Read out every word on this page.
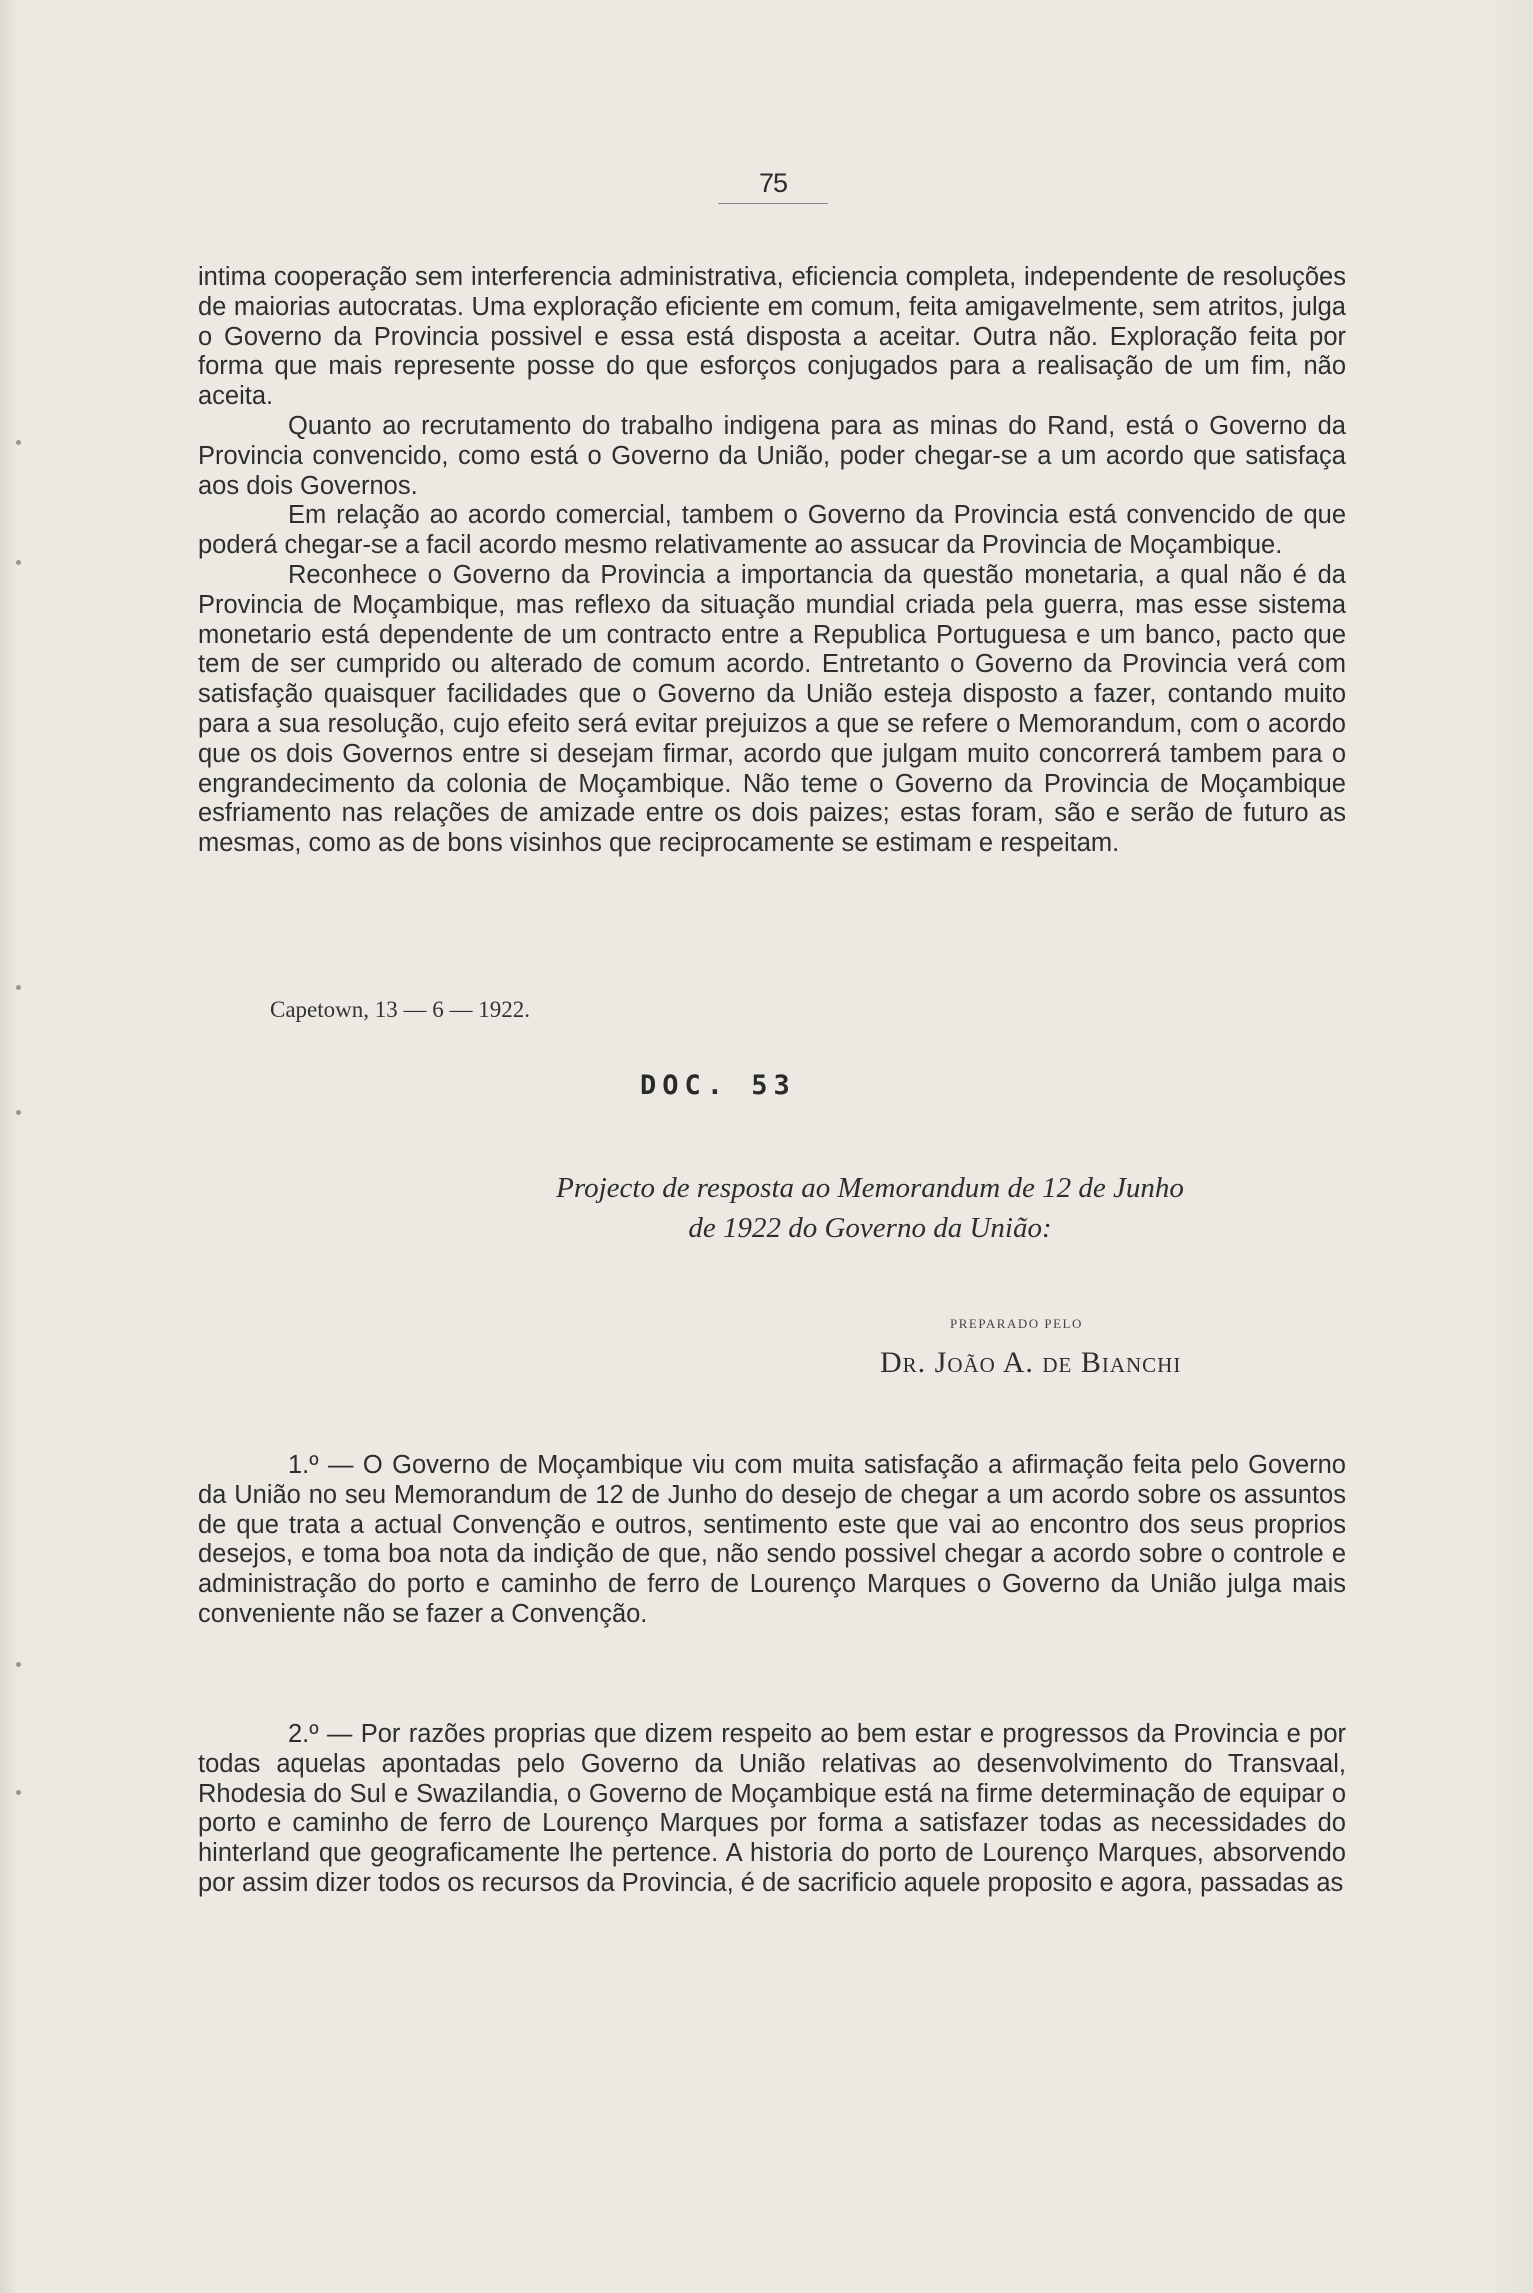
75

intima cooperação sem interferencia administrativa, eficiencia completa, independente de resoluções de maiorias autocratas. Uma exploração eficiente em comum, feita amigavelmente, sem atritos, julga o Governo da Provincia possivel e essa está disposta a aceitar. Outra não. Exploração feita por forma que mais represente posse do que esforços conjugados para a realisação de um fim, não aceita.

Quanto ao recrutamento do trabalho indigena para as minas do Rand, está o Governo da Provincia convencido, como está o Governo da União, poder chegar-se a um acordo que satisfaça aos dois Governos.

Em relação ao acordo comercial, tambem o Governo da Provincia está convencido de que poderá chegar-se a facil acordo mesmo relativamente ao assucar da Provincia de Moçambique.

Reconhece o Governo da Provincia a importancia da questão monetaria, a qual não é da Provincia de Moçambique, mas reflexo da situação mundial criada pela guerra, mas esse sistema monetario está dependente de um contracto entre a Republica Portuguesa e um banco, pacto que tem de ser cumprido ou alterado de comum acordo. Entretanto o Governo da Provincia verá com satisfação quaisquer facilidades que o Governo da União esteja disposto a fazer, contando muito para a sua resolução, cujo efeito será evitar prejuizos a que se refere o Memorandum, com o acordo que os dois Governos entre si desejam firmar, acordo que julgam muito concorrerá tambem para o engrandecimento da colonia de Moçambique. Não teme o Governo da Provincia de Moçambique esfriamento nas relações de amizade entre os dois paizes; estas foram, são e serão de futuro as mesmas, como as de bons visinhos que reciprocamente se estimam e respeitam.

Capetown, 13 — 6 — 1922.
DOC. 53
Projecto de resposta ao Memorandum de 12 de Junho
de 1922 do Governo da União:
PREPARADO PELO
Dr. João A. de Bianchi

1.º — O Governo de Moçambique viu com muita satisfação a afirmação feita pelo Governo da União no seu Memorandum de 12 de Junho do desejo de chegar a um acordo sobre os assuntos de que trata a actual Convenção e outros, sentimento este que vai ao encontro dos seus proprios desejos, e toma boa nota da indição de que, não sendo possivel chegar a acordo sobre o controle e administração do porto e caminho de ferro de Lourenço Marques o Governo da União julga mais conveniente não se fazer a Convenção.

2.º — Por razões proprias que dizem respeito ao bem estar e progressos da Provincia e por todas aquelas apontadas pelo Governo da União relativas ao desenvolvimento do Transvaal, Rhodesia do Sul e Swazilandia, o Governo de Moçambique está na firme determinação de equipar o porto e caminho de ferro de Lourenço Marques por forma a satisfazer todas as necessidades do hinterland que geograficamente lhe pertence. A historia do porto de Lourenço Marques, absorvendo por assim dizer todos os recursos da Provincia, é de sacrificio aquele proposito e agora, passadas as
